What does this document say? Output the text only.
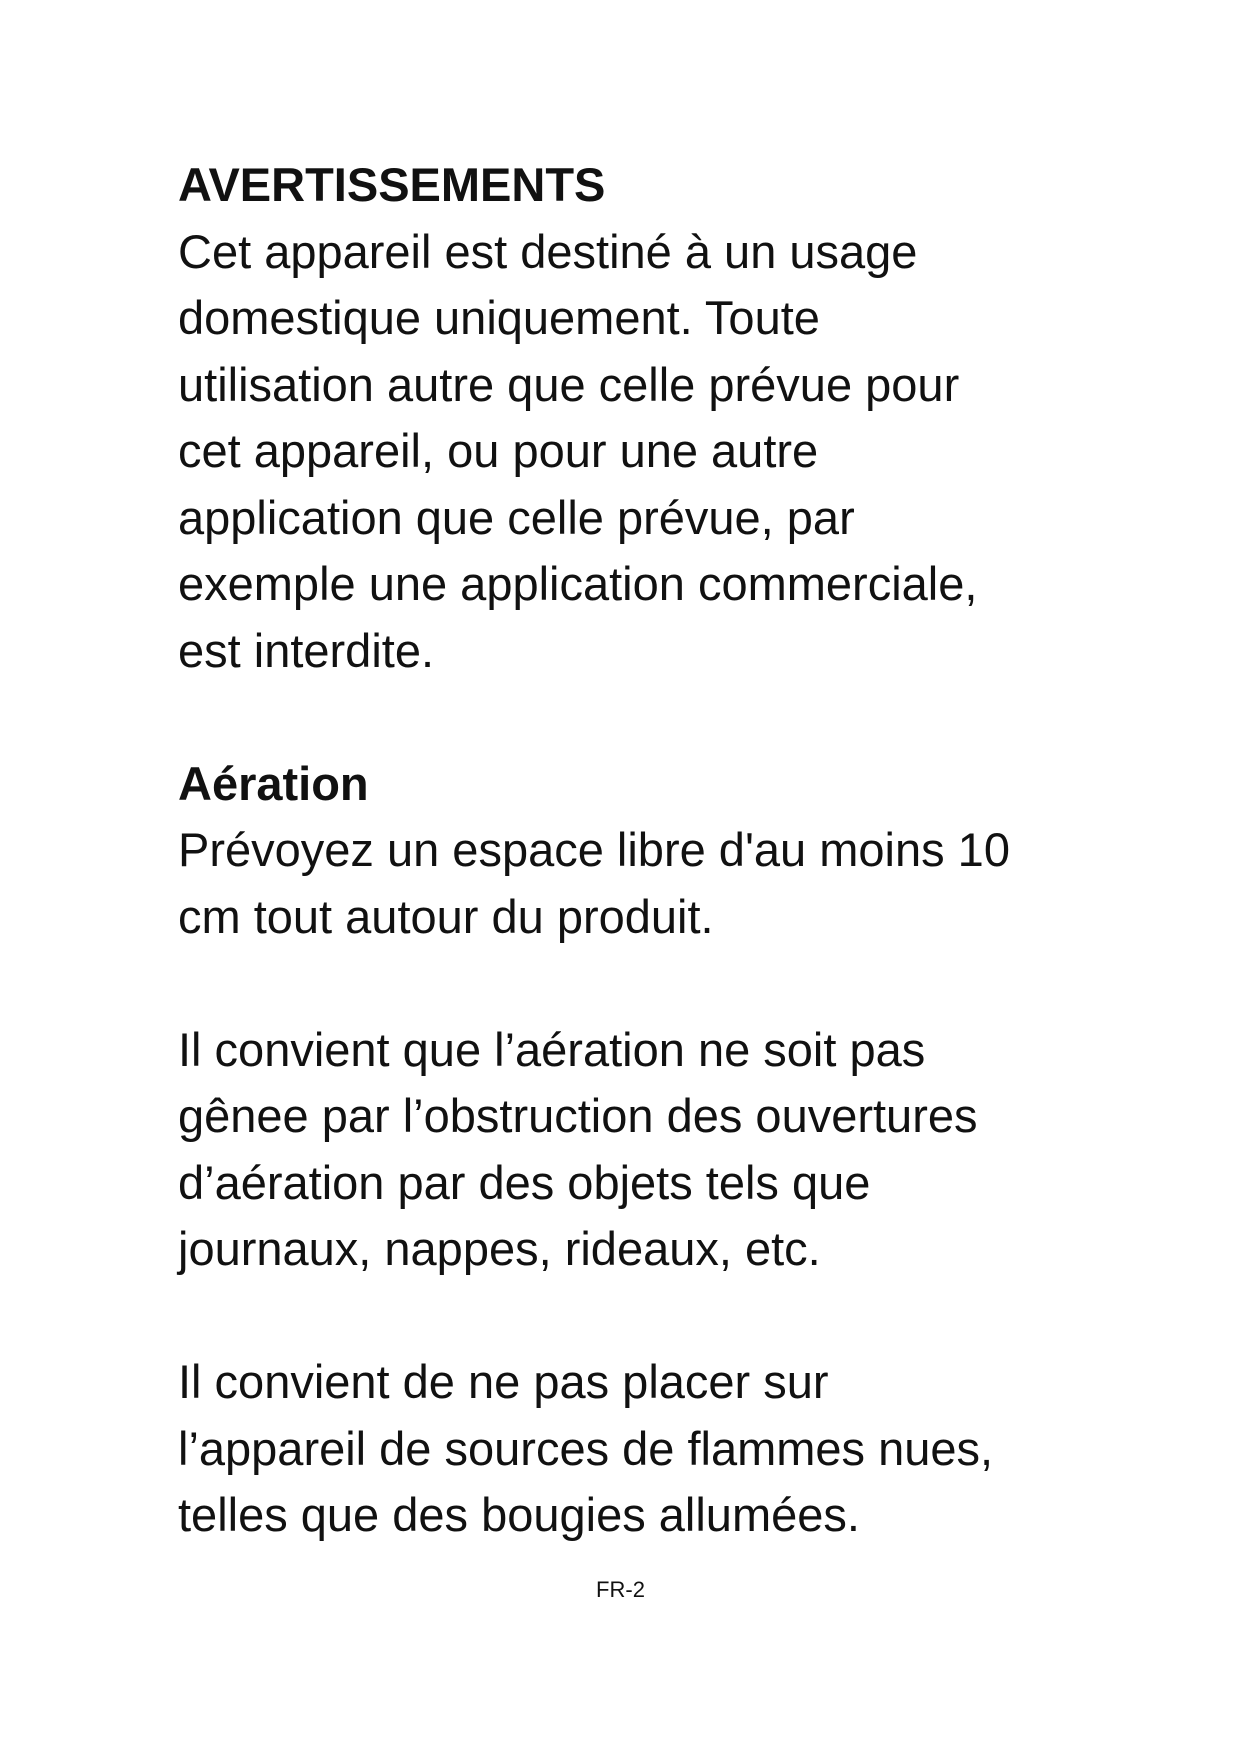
AVERTISSEMENTS

Cet appareil est destiné à un usage

domestique uniquement. Toute

utilisation autre que celle prévue pour

cet appareil, ou pour une autre

application que celle prévue, par

exemple une application commerciale,

est interdite.

Aération

Prévoyez un espace libre d'au moins 10

cm tout autour du produit.

Il convient que l’aération ne soit pas

gênee par l’obstruction des ouvertures

d’aération par des objets tels que

journaux, nappes, rideaux, etc.

Il convient de ne pas placer sur

l’appareil de sources de flammes nues,

telles que des bougies allumées.

FR-2
